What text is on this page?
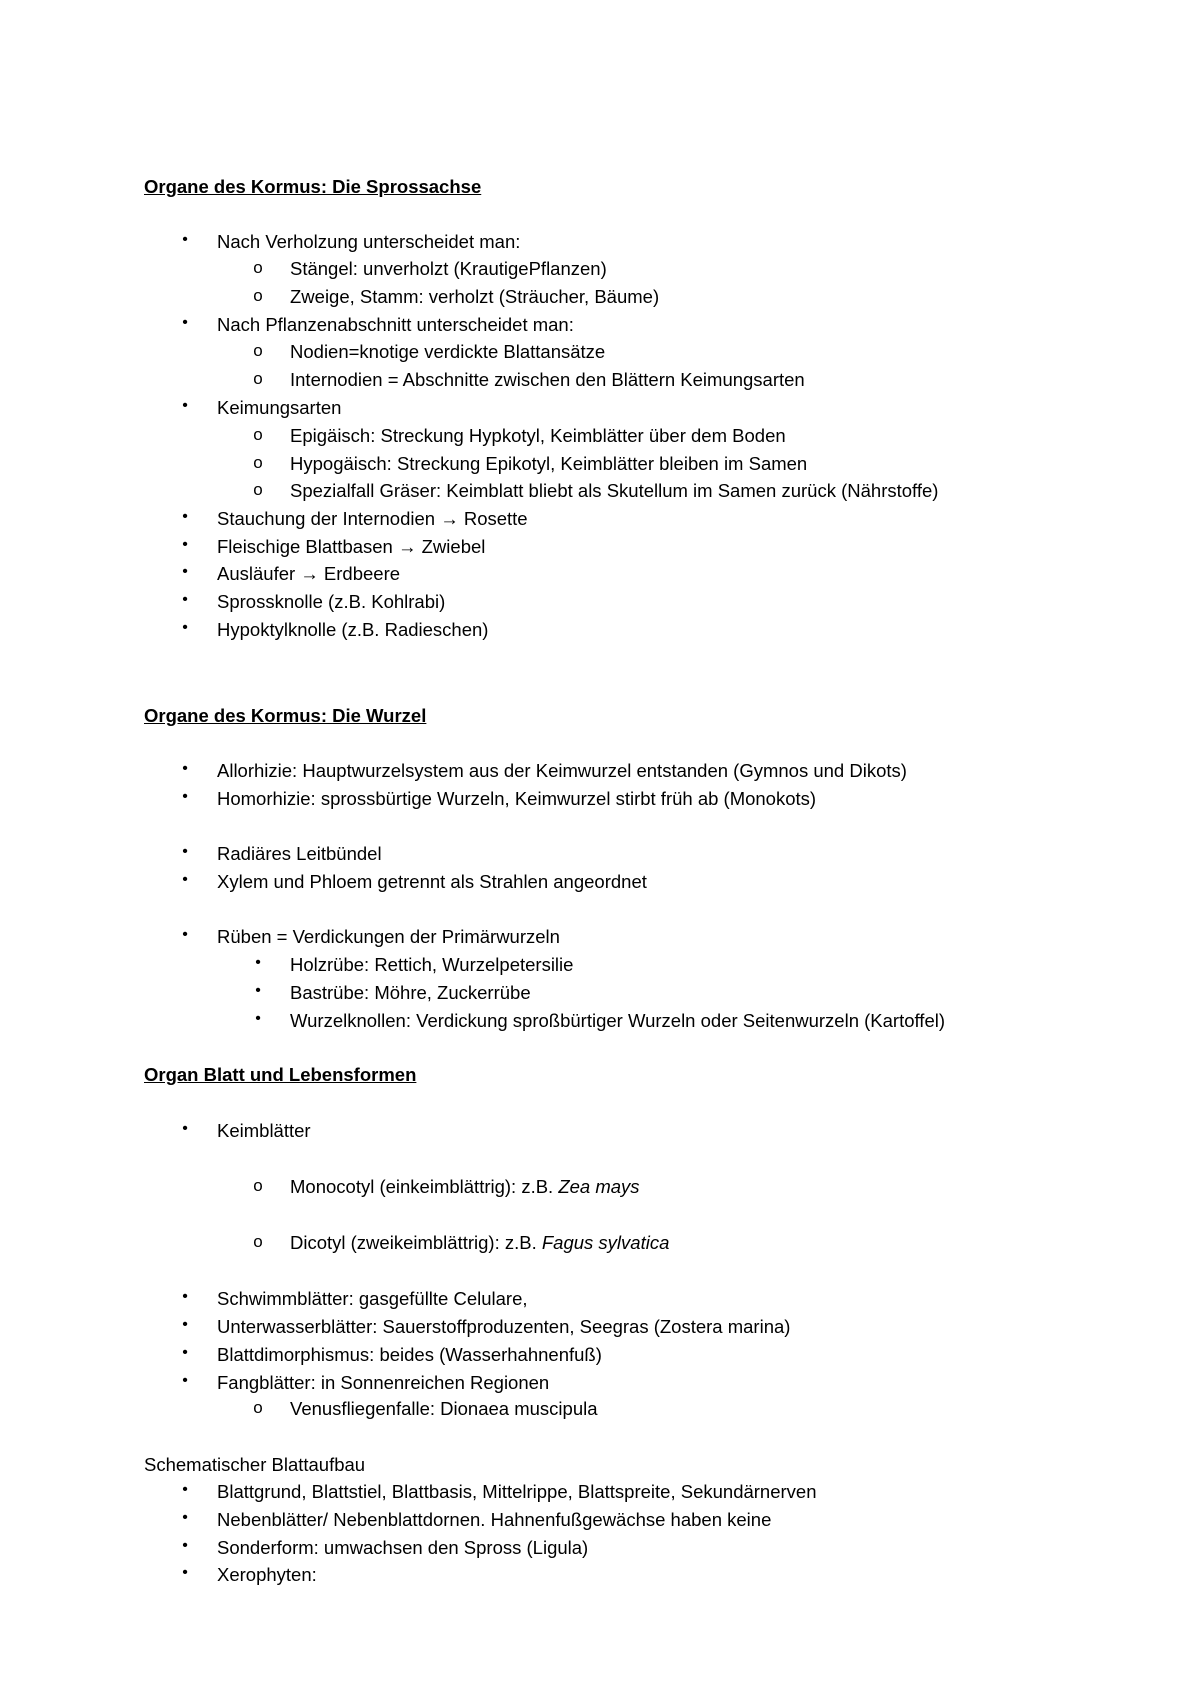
Organe des Kormus: Die Sprossachse
•	Nach Verholzung unterscheidet man:
o Stängel: unverholzt (KrautigePflanzen)
o Zweige, Stamm: verholzt (Sträucher, Bäume)
•	Nach Pflanzenabschnitt unterscheidet man:
o Nodien=knotige verdickte Blattansätze
o Internodien = Abschnitte zwischen den Blättern Keimungsarten
•	Keimungsarten
o Epigäisch: Streckung Hypkotyl, Keimblätter über dem Boden
o Hypogäisch: Streckung Epikotyl, Keimblätter bleiben im Samen
o Spezialfall Gräser: Keimblatt bliebt als Skutellum im Samen zurück (Nährstoffe)
•	Stauchung der Internodien → Rosette
•	Fleischige Blattbasen → Zwiebel
•	Ausläufer → Erdbeere
•	Sprossknolle (z.B. Kohlrabi)
•	Hypoktylknolle (z.B. Radieschen)
Organe des Kormus: Die Wurzel
•	Allorhizie: Hauptwurzelsystem aus der Keimwurzel entstanden (Gymnos und Dikots)
•	Homorhizie: sprossbürtige Wurzeln, Keimwurzel stirbt früh ab (Monokots)
•	Radiäres Leitbündel
•	Xylem und Phloem getrennt als Strahlen angeordnet
•	Rüben = Verdickungen der Primärwurzeln
•	Holzrübe: Rettich, Wurzelpetersilie
•	Bastrübe: Möhre, Zuckerrübe
•	Wurzelknollen: Verdickung sproßbürtiger Wurzeln oder Seitenwurzeln (Kartoffel)
Organ Blatt und Lebensformen
•	Keimblätter
o Monocotyl (einkeimblättrig): z.B. Zea mays
o Dicotyl (zweikeimblättrig): z.B. Fagus sylvatica
•	Schwimmblätter: gasgefüllte Celulare,
•	Unterwasserblätter: Sauerstoffproduzenten, Seegras (Zostera marina)
•	Blattdimorphismus: beides (Wasserhahnenfuß)
•	Fangblätter: in Sonnenreichen Regionen
o Venusfliegenfalle: Dionaea muscipula
Schematischer Blattaufbau
•	Blattgrund, Blattstiel, Blattbasis, Mittelrippe, Blattspreite, Sekundärnerven
•	Nebenblätter/ Nebenblattdornen. Hahnenfußgewächse haben keine
•	Sonderform: umwachsen den Spross (Ligula)
•	Xerophyten:
